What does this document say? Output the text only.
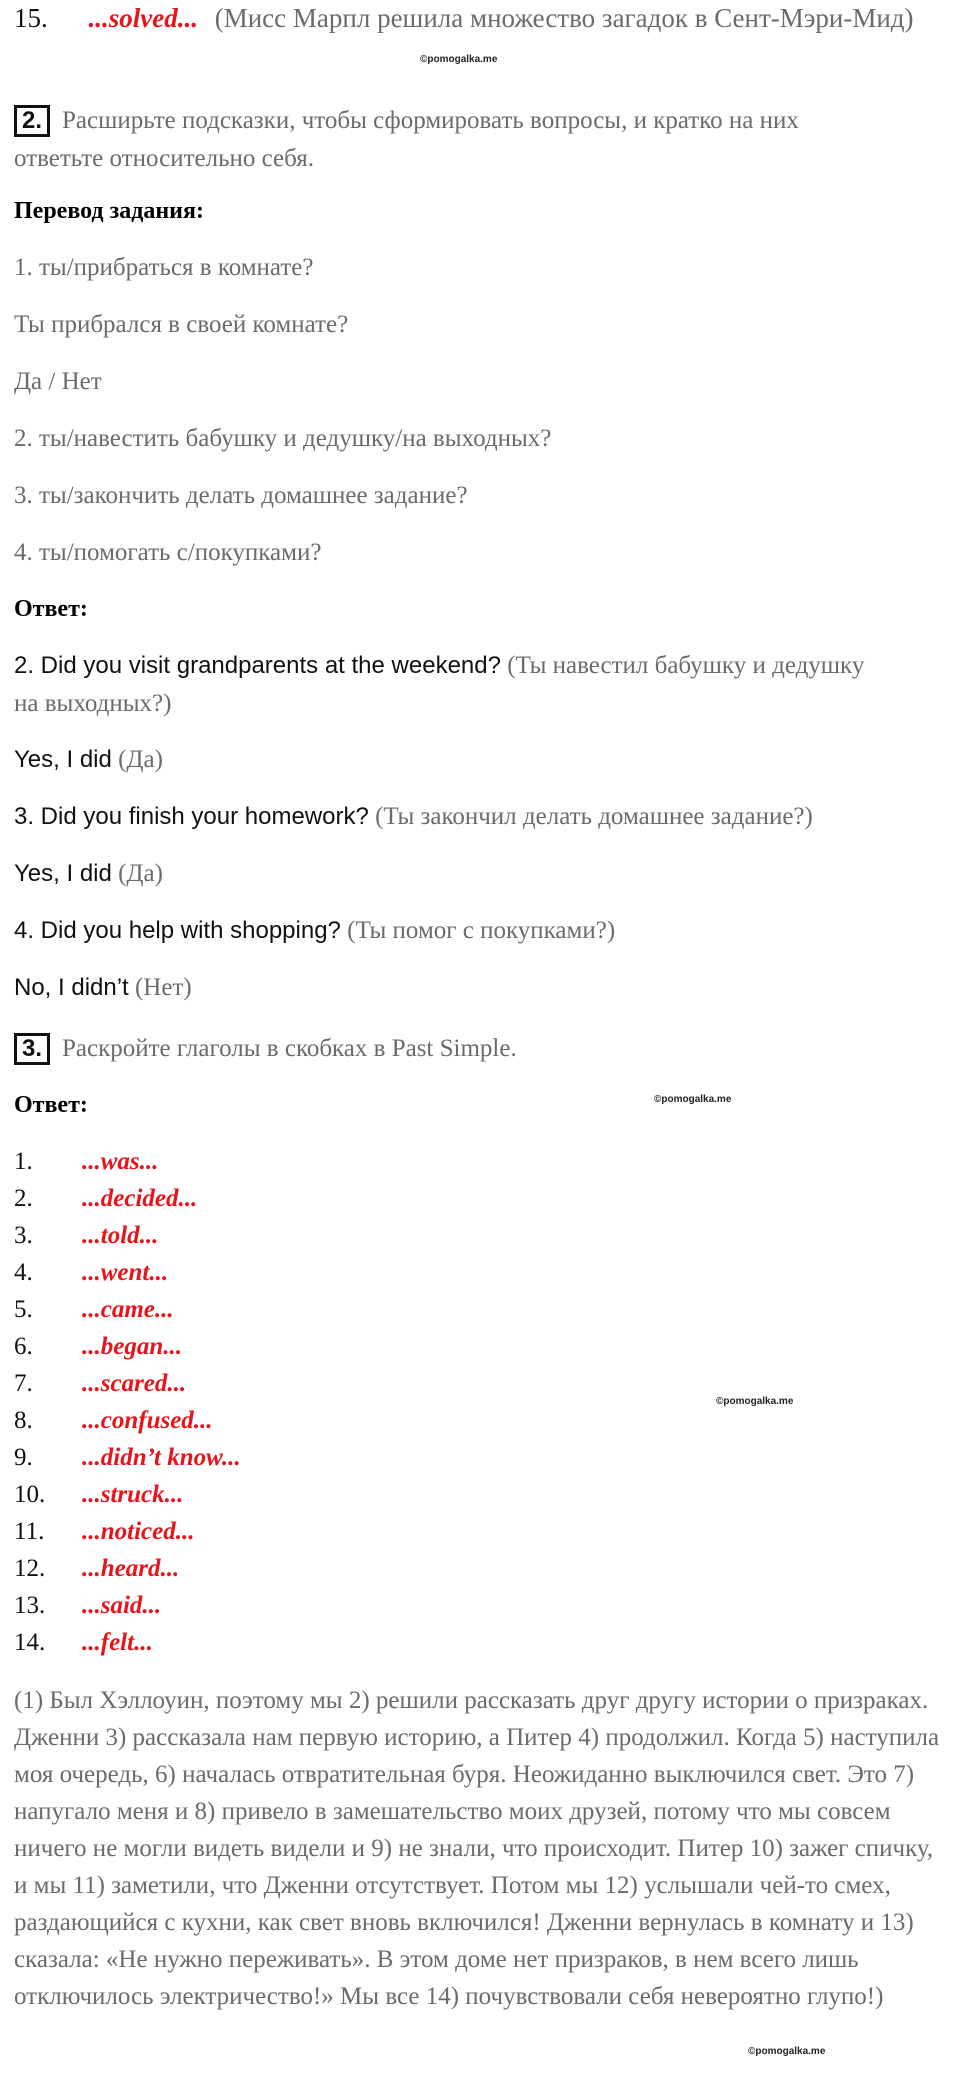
15. ...solved... (Мисс Марпл решила множество загадок в Сент-Мэри-Мид)
©pomogalka.me
2. Расширьте подсказки, чтобы сформировать вопросы, и кратко на них
ответьте относительно себя.
Перевод задания:
1. ты/прибраться в комнате?
Ты прибрался в своей комнате?
Да / Нет
2. ты/навестить бабушку и дедушку/на выходных?
3. ты/закончить делать домашнее задание?
4. ты/помогать с/покупками?
Ответ:
2. Did you visit grandparents at the weekend? (Ты навестил бабушку и дедушку
на выходных?)
Yes, I did (Да)
3. Did you finish your homework? (Ты закончил делать домашнее задание?)
Yes, I did (Да)
4. Did you help with shopping? (Ты помог с покупками?)
No, I didn’t (Нет)
3. Раскройте глаголы в скобках в Past Simple.
Ответ:	©pomogalka.me
1.	...was...
2.	...decided...
3.	...told...
4.	...went...
5.	...came...
6.	...began...
7.	...scared...
8.	...confused...
9.	...didn’t know...
10.	...struck...
11.	...noticed...
12.	...heard...
13.	...said...
14.	...felt...
©pomogalka.me
(1) Был Хэллоуин, поэтому мы 2) решили рассказать друг другу истории о призраках. Дженни 3) рассказала нам первую историю, а Питер 4) продолжил. Когда 5) наступила моя очередь, 6) началась отвратительная буря. Неожиданно выключился свет. Это 7) напугало меня и 8) привело в замешательство моих друзей, потому что мы совсем ничего не могли видеть видели и 9) не знали, что происходит. Питер 10) зажег спичку, и мы 11) заметили, что Дженни отсутствует. Потом мы 12) услышали чей-то смех, раздающийся с кухни, как свет вновь включился! Дженни вернулась в комнату и 13) сказала: «Не нужно переживать». В этом доме нет призраков, в нем всего лишь отключилось электричество!» Мы все 14) почувствовали себя невероятно глупо!)
©pomogalka.me
